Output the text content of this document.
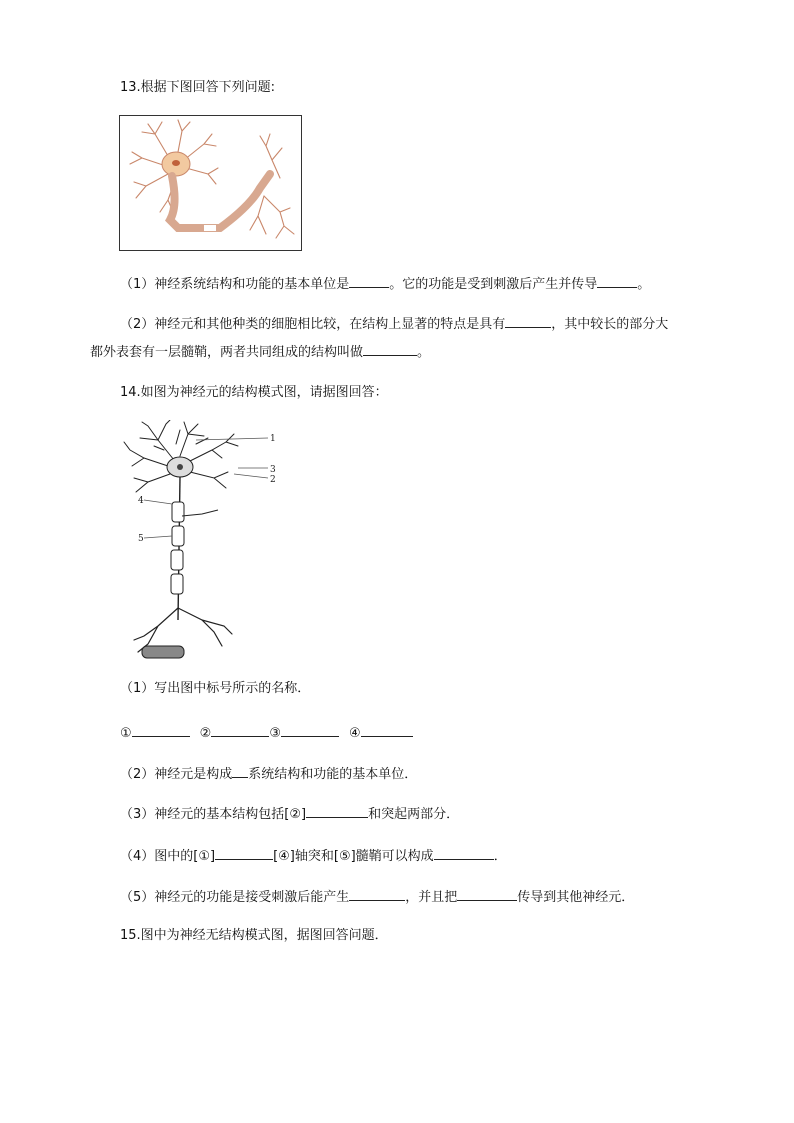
13.根据下图回答下列问题:
（1）神经系统结构和功能的基本单位是	。它的功能是受到刺激后产生并传导	。
（2）神经元和其他种类的细胞相比较，在结构上显著的特点是具有	，其中较长的部分大
都外表套有一层髓鞘，两者共同组成的结构叫做	。
14.如图为神经元的结构模式图，请据图回答：
1
3
2
4
5
（1）写出图中标号所示的名称．
①	②	③	④
（2）神经元是构成 系统结构和功能的基本单位．
（3）神经元的基本结构包括[②]	和突起两部分．
（4）图中的[①]	[④]轴突和[⑤]髓鞘可以构成	．
（5）神经元的功能是接受刺激后能产生	，并且把	传导到其他神经元．
15.图中为神经无结构模式图，据图回答问题．
